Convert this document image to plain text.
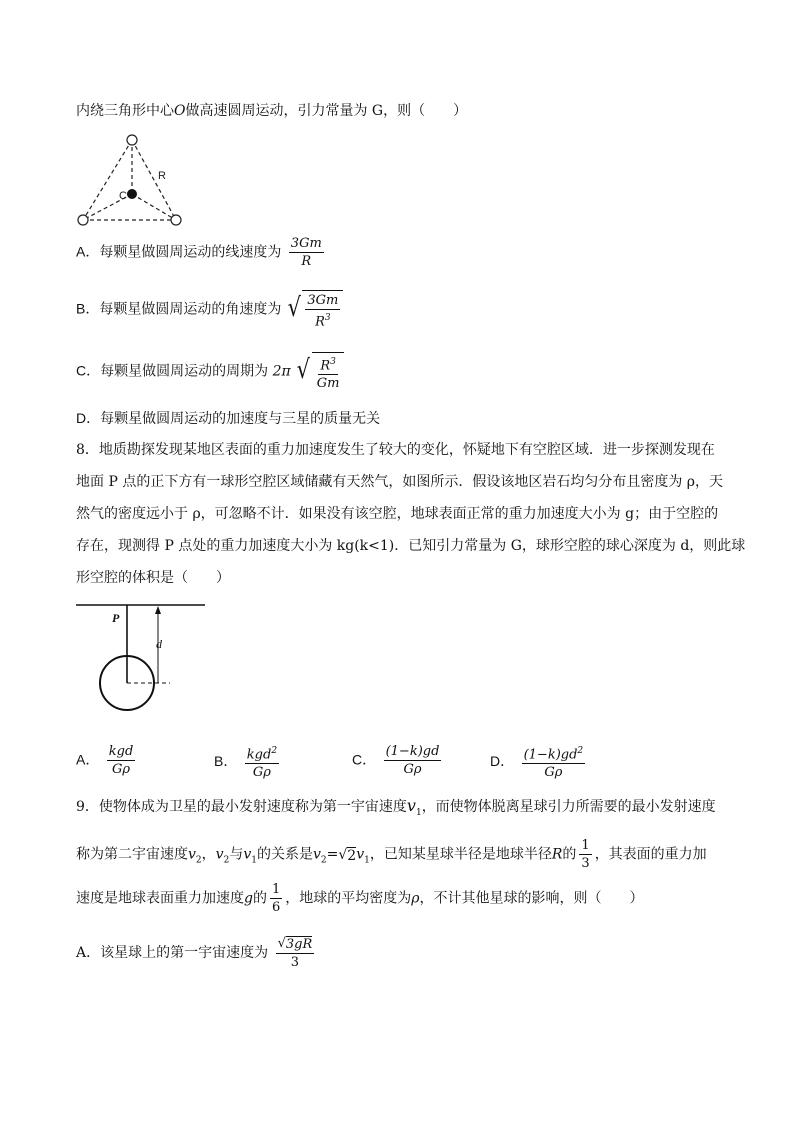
内绕三角形中心O做高速圆周运动，引力常量为 G，则（　　）
R
C
A．每颗星做圆周运动的线速度为 $\frac{3Gm}{R}$
B．每颗星做圆周运动的角速度为 √ $\frac{3Gm}{R^3}$
C．每颗星做圆周运动的周期为 2π √ $\frac{R^3}{Gm}$
D．每颗星做圆周运动的加速度与三星的质量无关
8．地质勘探发现某地区表面的重力加速度发生了较大的变化，怀疑地下有空腔区域．进一步探测发现在
地面 P 点的正下方有一球形空腔区域储藏有天然气，如图所示．假设该地区岩石均匀分布且密度为 ρ，天
然气的密度远小于 ρ，可忽略不计．如果没有该空腔，地球表面正常的重力加速度大小为 g；由于空腔的
存在，现测得 P 点处的重力加速度大小为 kg(k<1)．已知引力常量为 G，球形空腔的球心深度为 d，则此球
形空腔的体积是（　　）
P
d
A． $\frac{\text{kgd}}{G\rho}$	B． $\frac{kgd^2}{G\rho}$	C． $\frac{(1-k)gd}{G\rho}$	D． $\frac{(1-k)gd^2}{G\rho}$
9．使物体成为卫星的最小发射速度称为第一宇宙速度$v_1$，而使物体脱离星球引力所需要的最小发射速度
称为第二宇宙速度$v_2$，$v_2$与$v_1$的关系是$v_2=$ √ 2 $v_1$，已知某星球半径是地球半径R的 $\frac{1}{3}$ ，其表面的重力加
速度是地球表面重力加速度g的 $\frac{1}{6}$ ，地球的平均密度为ρ，不计其他星球的影响，则（　　）
A．该星球上的第一宇宙速度为 $\frac{√ 3gR}{3}$
